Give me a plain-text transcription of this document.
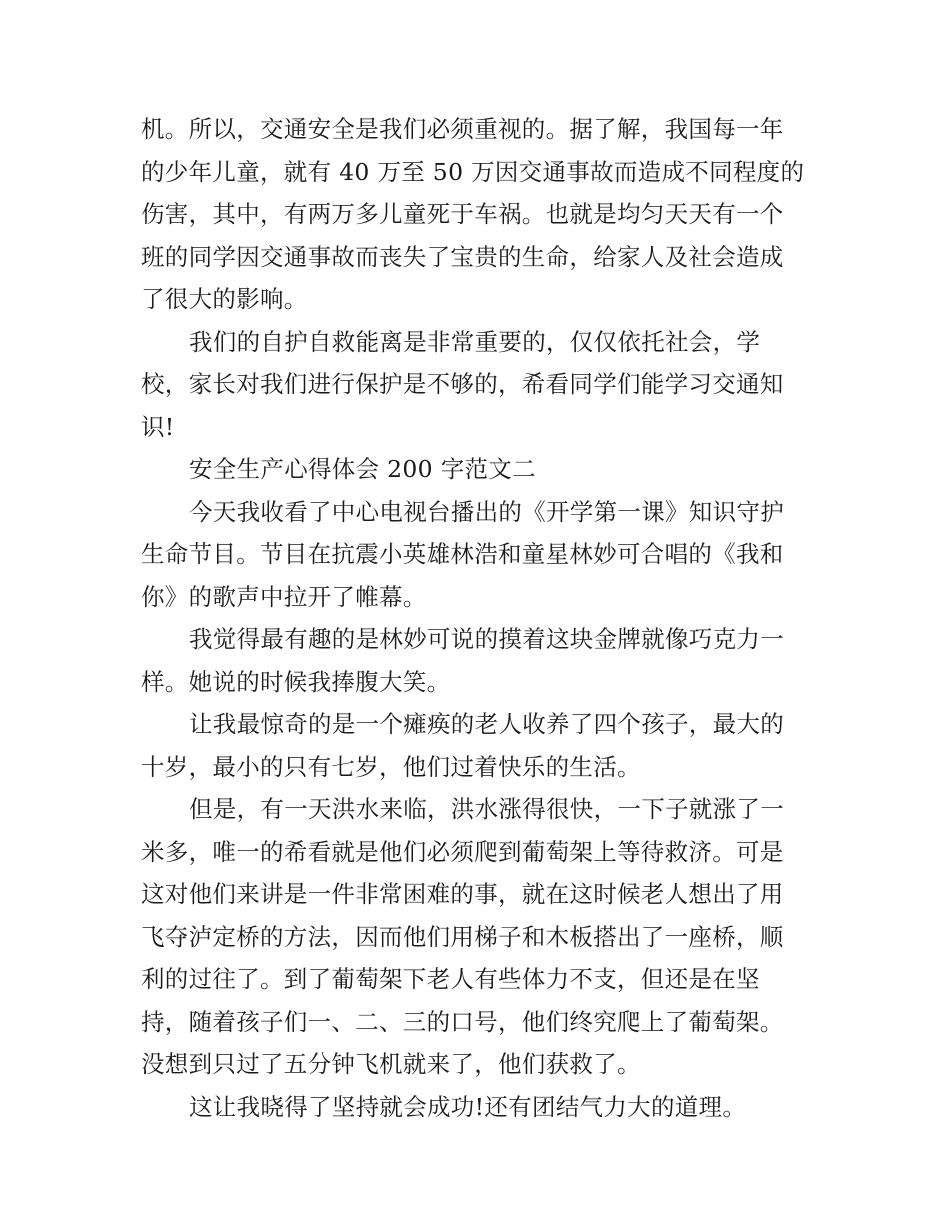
机。所以，交通安全是我们必须重视的。据了解，我国每一年
的少年儿童，就有 40 万至 50 万因交通事故而造成不同程度的
伤害，其中，有两万多儿童死于车祸。也就是均匀天天有一个
班的同学因交通事故而丧失了宝贵的生命，给家人及社会造成
了很大的影响。
我们的自护自救能离是非常重要的，仅仅依托社会，学
校，家长对我们进行保护是不够的，希看同学们能学习交通知
识!
安全生产心得体会 200 字范文二
今天我收看了中心电视台播出的《开学第一课》知识守护
生命节目。节目在抗震小英雄林浩和童星林妙可合唱的《我和
你》的歌声中拉开了帷幕。
我觉得最有趣的是林妙可说的摸着这块金牌就像巧克力一
样。她说的时候我捧腹大笑。
让我最惊奇的是一个瘫痪的老人收养了四个孩子，最大的
十岁，最小的只有七岁，他们过着快乐的生活。
但是，有一天洪水来临，洪水涨得很快，一下子就涨了一
米多，唯一的希看就是他们必须爬到葡萄架上等待救济。可是
这对他们来讲是一件非常困难的事，就在这时候老人想出了用
飞夺泸定桥的方法，因而他们用梯子和木板搭出了一座桥，顺
利的过往了。到了葡萄架下老人有些体力不支，但还是在坚
持，随着孩子们一、二、三的口号，他们终究爬上了葡萄架。
没想到只过了五分钟飞机就来了，他们获救了。
这让我晓得了坚持就会成功!还有团结气力大的道理。
